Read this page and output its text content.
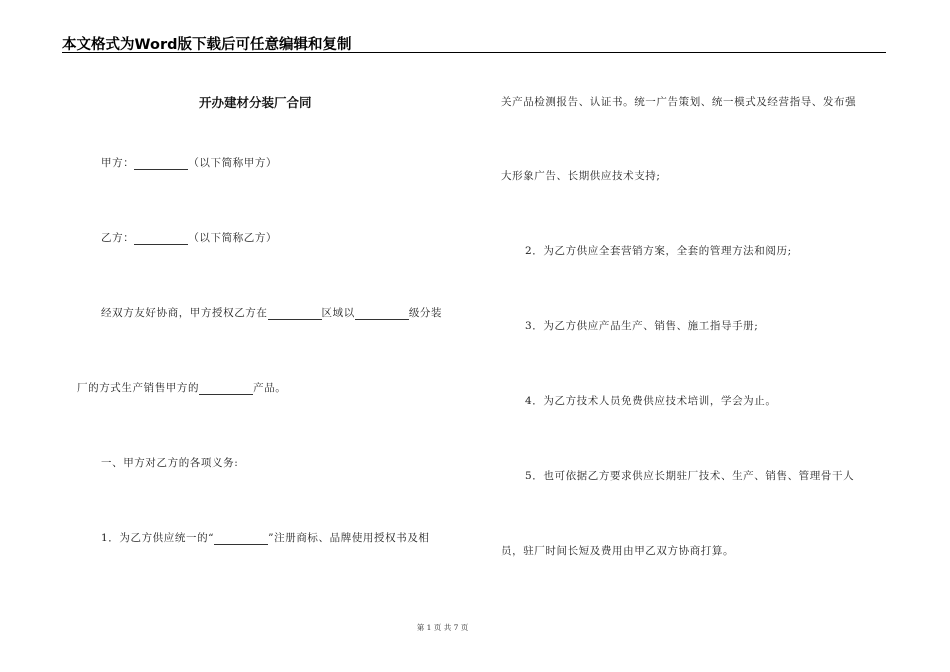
本文格式为Word版下载后可任意编辑和复制
开办建材分装厂合同
甲方：	（以下简称甲方）
乙方：	（以下简称乙方）
经双方友好协商，甲方授权乙方在	区域以	级分装
厂的方式生产销售甲方的	产品。
一、甲方对乙方的各项义务:
1．为乙方供应统一的“	”注册商标、品牌使用授权书及相
关产品检测报告、认证书。统一广告策划、统一模式及经营指导、发布强
大形象广告、长期供应技术支持;
2．为乙方供应全套营销方案，全套的管理方法和阅历;
3．为乙方供应产品生产、销售、施工指导手册;
4．为乙方技术人员免费供应技术培训，学会为止。
5．也可依据乙方要求供应长期驻厂技术、生产、销售、管理骨干人
员，驻厂时间长短及费用由甲乙双方协商打算。
第 1 页 共 7 页
